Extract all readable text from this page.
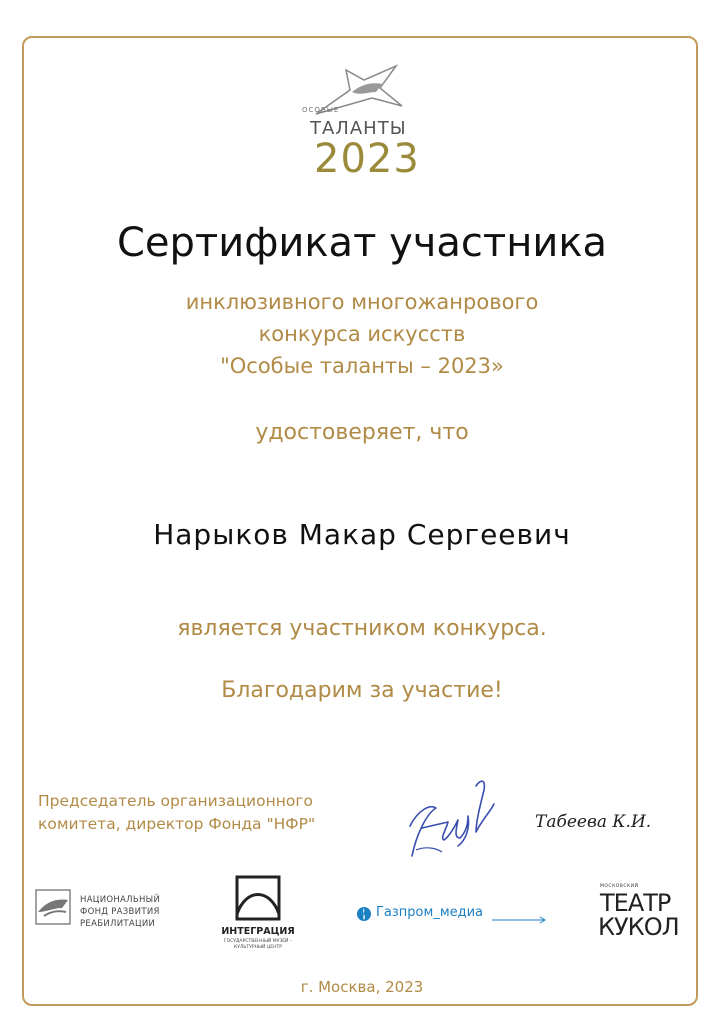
ОСОБЫЕ
ТАЛАНТЫ
2023
Сертификат участника
инклюзивного многожанрового
конкурса искусств
"Особые таланты – 2023»
удостоверяет, что
Нарыков Макар Сергеевич
является участником конкурса.
Благодарим за участие!
Председатель организационного
комитета, директор Фонда "НФР"	Табеева К.И.
НАЦИОНАЛЬНЫЙ
ФОНД РАЗВИТИЯ
РЕАБИЛИТАЦИИ
ИНТЕГРАЦИЯ
ГОСУДАРСТВЕННЫЙ МУЗЕЙ –
КУЛЬТУРНЫЙ ЦЕНТР
Газпром_медиа
МОСКОВСКИЙ
ТЕАТР
КУКОЛ
г. Москва, 2023
